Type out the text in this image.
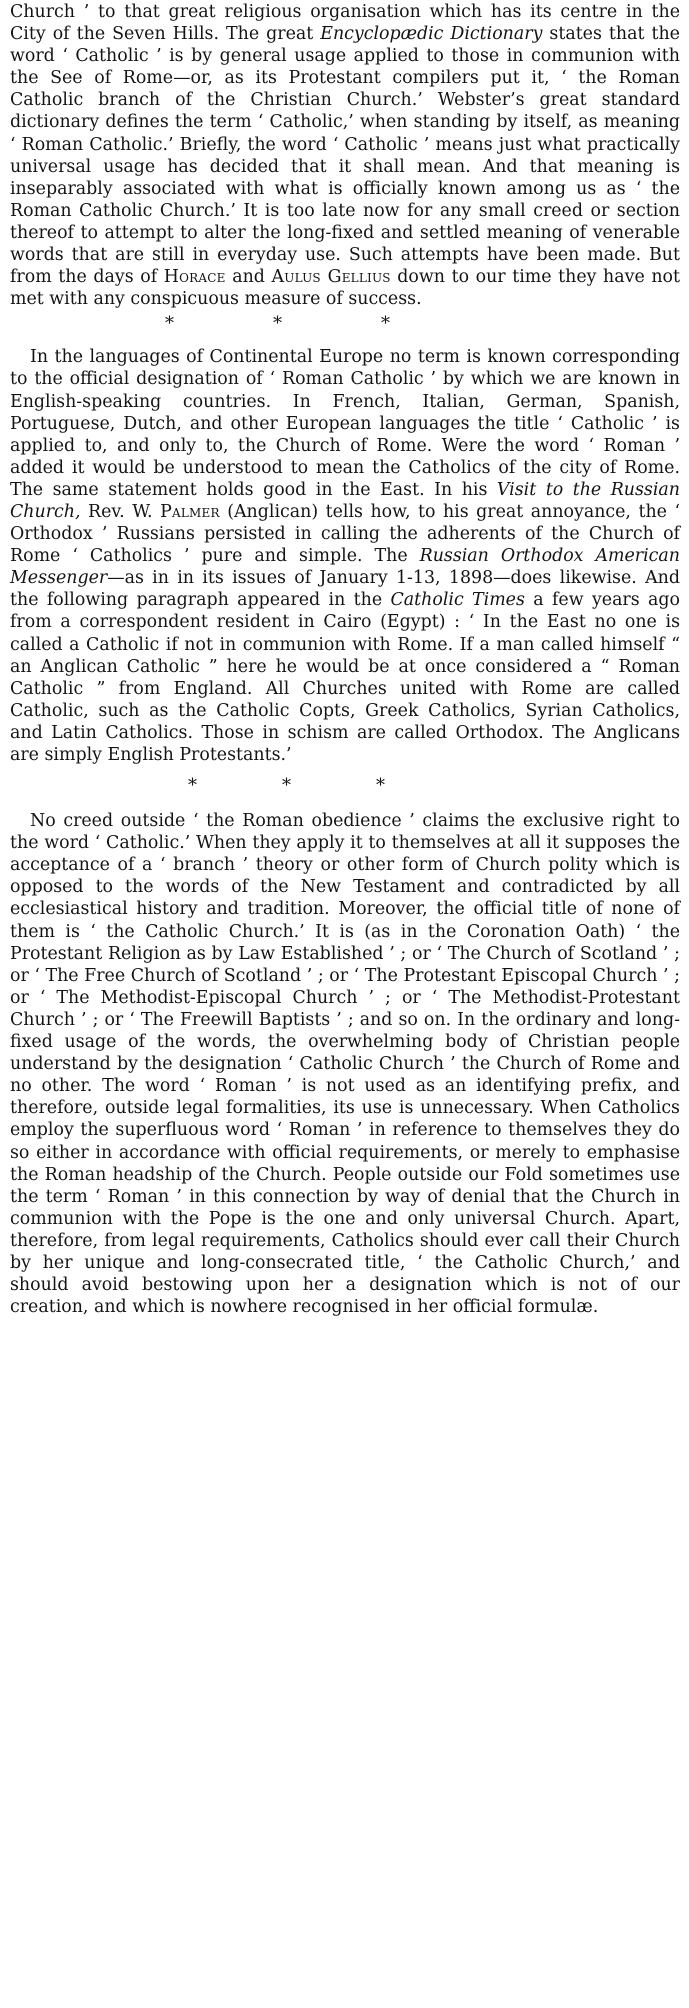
Church ’ to that great religious organisation which has its centre in the City of the Seven Hills. The great Encyclopædic Dictionary states that the word ‘ Catholic ’ is by general usage applied to those in communion with the See of Rome—or, as its Protestant compilers put it, ‘ the Roman Catholic branch of the Christian Church.’ Webster’s great standard dictionary defines the term ‘ Catholic,’ when standing by itself, as meaning ‘ Roman Catholic.’ Briefly, the word ‘ Catholic ’ means just what practically universal usage has decided that it shall mean. And that meaning is inseparably associated with what is officially known among us as ‘ the Roman Catholic Church.’ It is too late now for any small creed or section thereof to attempt to alter the long-fixed and settled meaning of venerable words that are still in everyday use. Such attempts have been made. But from the days of Horace and Aulus Gellius down to our time they have not met with any conspicuous measure of success.

*	*	*

In the languages of Continental Europe no term is known corresponding to the official designation of ‘ Roman Catholic ’ by which we are known in English-speaking countries. In French, Italian, German, Spanish, Portuguese, Dutch, and other European languages the title ‘ Catholic ’ is applied to, and only to, the Church of Rome. Were the word ‘ Roman ’ added it would be understood to mean the Catholics of the city of Rome. The same statement holds good in the East. In his Visit to the Russian Church, Rev. W. Palmer (Anglican) tells how, to his great annoyance, the ‘ Orthodox ’ Russians persisted in calling the adherents of the Church of Rome ‘ Catholics ’ pure and simple. The Russian Orthodox American Messenger—as in in its issues of January 1-13, 1898—does likewise. And the following paragraph appeared in the Catholic Times a few years ago from a correspondent resident in Cairo (Egypt) : ‘ In the East no one is called a Catholic if not in communion with Rome. If a man called himself “ an Anglican Catholic ” here he would be at once considered a “ Roman Catholic ” from England. All Churches united with Rome are called Catholic, such as the Catholic Copts, Greek Catholics, Syrian Catholics, and Latin Catholics. Those in schism are called Orthodox. The Anglicans are simply English Protestants.’

*	*	*

No creed outside ‘ the Roman obedience ’ claims the exclusive right to the word ‘ Catholic.’ When they apply it to themselves at all it supposes the acceptance of a ‘ branch ’ theory or other form of Church polity which is opposed to the words of the New Testament and contradicted by all ecclesiastical history and tradition. Moreover, the official title of none of them is ‘ the Catholic Church.’ It is (as in the Coronation Oath) ‘ the Protestant Religion as by Law Established ’ ; or ‘ The Church of Scotland ’ ; or ‘ The Free Church of Scotland ’ ; or ‘ The Protestant Episcopal Church ’ ; or ‘ The Methodist-Episcopal Church ’ ; or ‘ The Methodist-Protestant Church ’ ; or ‘ The Freewill Baptists ’ ; and so on. In the ordinary and long-fixed usage of the words, the overwhelming body of Christian people understand by the designation ‘ Catholic Church ’ the Church of Rome and no other. The word ‘ Roman ’ is not used as an identifying prefix, and therefore, outside legal formalities, its use is unnecessary. When Catholics employ the superfluous word ‘ Roman ’ in reference to themselves they do so either in accordance with official requirements, or merely to emphasise the Roman headship of the Church. People outside our Fold sometimes use the term ‘ Roman ’ in this connection by way of denial that the Church in communion with the Pope is the one and only universal Church. Apart, therefore, from legal requirements, Catholics should ever call their Church by her unique and long-consecrated title, ‘ the Catholic Church,’ and should avoid bestowing upon her a designation which is not of our creation, and which is nowhere recognised in her official formulæ.
